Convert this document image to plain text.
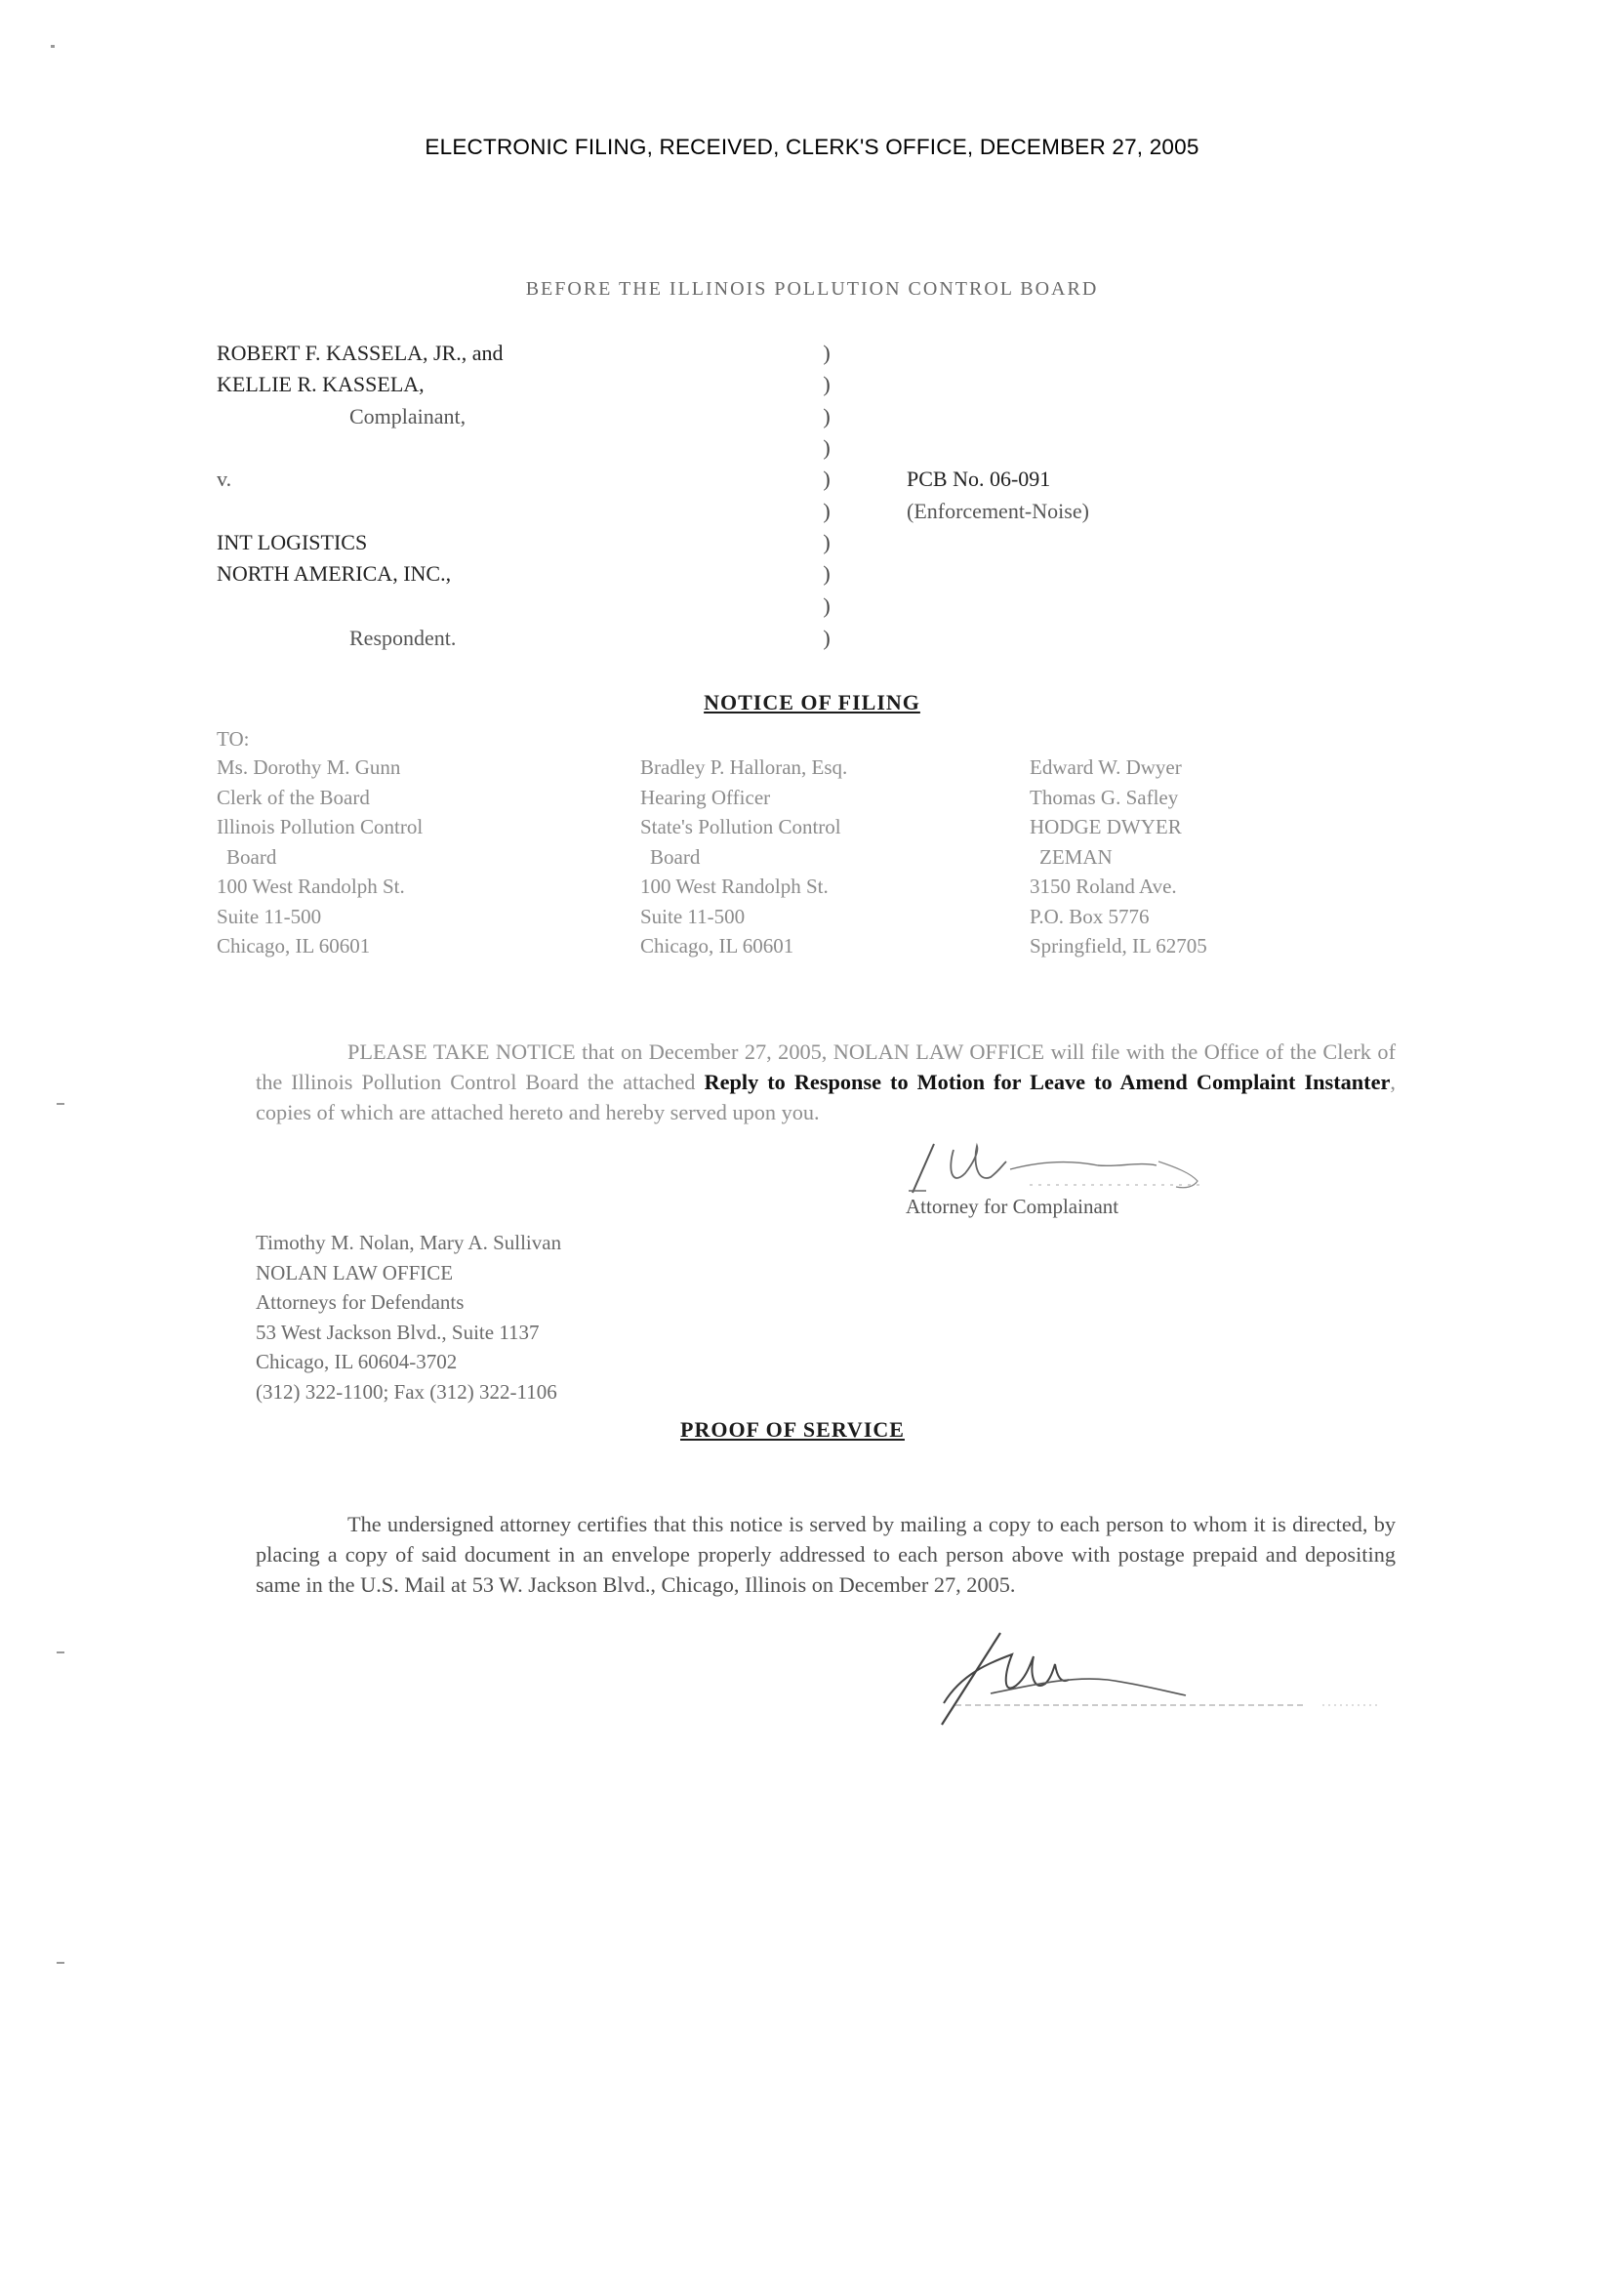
ELECTRONIC FILING, RECEIVED, CLERK'S OFFICE, DECEMBER 27, 2005
BEFORE THE ILLINOIS POLLUTION CONTROL BOARD
ROBERT F. KASSELA, JR., and
KELLIE R. KASSELA,
Complainant,
v.
INT LOGISTICS
NORTH AMERICA, INC.,
Respondent.
)
)
)
)
)
)
)
)
)
)
PCB No. 06-091
(Enforcement-Noise)
NOTICE OF FILING
TO:
Ms. Dorothy M. Gunn
Clerk of the Board
Illinois Pollution Control
Board
100 West Randolph St.
Suite 11-500
Chicago, IL 60601
Bradley P. Halloran, Esq.
Hearing Officer
State's Pollution Control
Board
100 West Randolph St.
Suite 11-500
Chicago, IL 60601
Edward W. Dwyer
Thomas G. Safley
HODGE DWYER
ZEMAN
3150 Roland Ave.
P.O. Box 5776
Springfield, IL 62705
PLEASE TAKE NOTICE that on December 27, 2005, NOLAN LAW OFFICE will file with the Office of the Clerk of the Illinois Pollution Control Board the attached Reply to Response to Motion for Leave to Amend Complaint Instanter, copies of which are attached hereto and hereby served upon you.
Attorney for Complainant
Timothy M. Nolan, Mary A. Sullivan
NOLAN LAW OFFICE
Attorneys for Defendants
53 West Jackson Blvd., Suite 1137
Chicago, IL 60604-3702
(312) 322-1100; Fax (312) 322-1106
PROOF OF SERVICE
The undersigned attorney certifies that this notice is served by mailing a copy to each person to whom it is directed, by placing a copy of said document in an envelope properly addressed to each person above with postage prepaid and depositing same in the U.S. Mail at 53 W. Jackson Blvd., Chicago, Illinois on December 27, 2005.
